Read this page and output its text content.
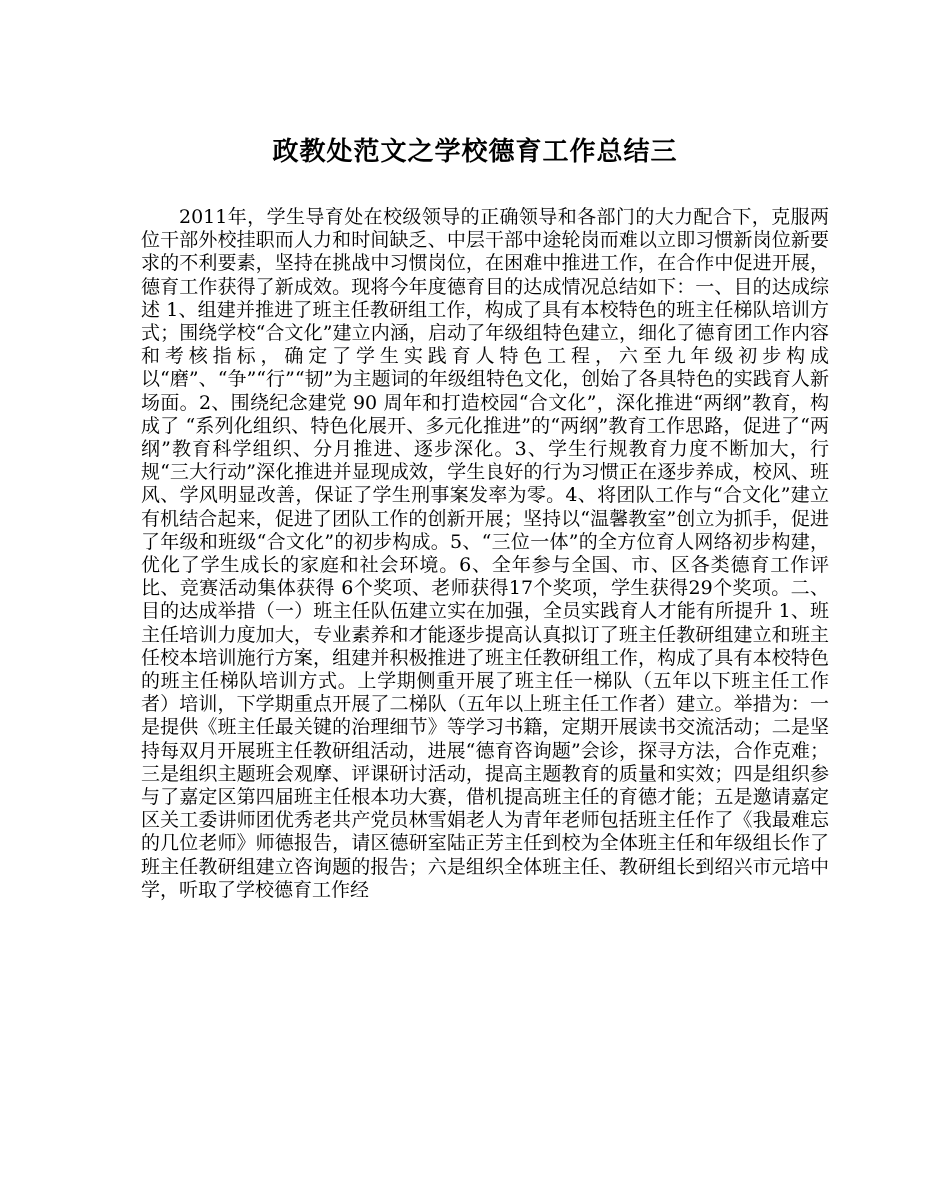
政教处范文之学校德育工作总结三

2011年，学生导育处在校级领导的正确领导和各部门的大力配合下，克服两位干部外校挂职而人力和时间缺乏、中层干部中途轮岗而难以立即习惯新岗位新要求的不利要素，坚持在挑战中习惯岗位，在困难中推进工作，在合作中促进开展，德育工作获得了新成效。现将今年度德育目的达成情况总结如下：一、目的达成综述 1、组建并推进了班主任教研组工作，构成了具有本校特色的班主任梯队培训方式；围绕学校“合文化”建立内涵，启动了年级组特色建立，细化了德育团工作内容和考核指标，确定了学生实践育人特色工程，六至九年级初步构成以“磨”、“争”“行”“韧”为主题词的年级组特色文化，创始了各具特色的实践育人新场面。2、围绕纪念建党 90 周年和打造校园“合文化”，深化推进“两纲”教育，构成了 “系列化组织、特色化展开、多元化推进”的“两纲”教育工作思路，促进了“两纲”教育科学组织、分月推进、逐步深化。3、学生行规教育力度不断加大，行规“三大行动”深化推进并显现成效，学生良好的行为习惯正在逐步养成，校风、班风、学风明显改善，保证了学生刑事案发率为零。4、将团队工作与“合文化”建立有机结合起来，促进了团队工作的创新开展；坚持以“温馨教室”创立为抓手，促进了年级和班级“合文化”的初步构成。5、“三位一体”的全方位育人网络初步构建，优化了学生成长的家庭和社会环境。6、全年参与全国、市、区各类德育工作评比、竞赛活动集体获得 6个奖项、老师获得17个奖项，学生获得29个奖项。二、目的达成举措（一）班主任队伍建立实在加强，全员实践育人才能有所提升 1、班主任培训力度加大，专业素养和才能逐步提高认真拟订了班主任教研组建立和班主任校本培训施行方案，组建并积极推进了班主任教研组工作，构成了具有本校特色的班主任梯队培训方式。上学期侧重开展了班主任一梯队（五年以下班主任工作者）培训，下学期重点开展了二梯队（五年以上班主任工作者）建立。举措为：一是提供《班主任最关键的治理细节》等学习书籍，定期开展读书交流活动；二是坚持每双月开展班主任教研组活动，进展“德育咨询题”会诊，探寻方法，合作克难；三是组织主题班会观摩、评课研讨活动，提高主题教育的质量和实效；四是组织参与了嘉定区第四届班主任根本功大赛，借机提高班主任的育德才能；五是邀请嘉定区关工委讲师团优秀老共产党员林雪娟老人为青年老师包括班主任作了《我最难忘的几位老师》师德报告，请区德研室陆正芳主任到校为全体班主任和年级组长作了班主任教研组建立咨询题的报告；六是组织全体班主任、教研组长到绍兴市元培中学，听取了学校德育工作经
